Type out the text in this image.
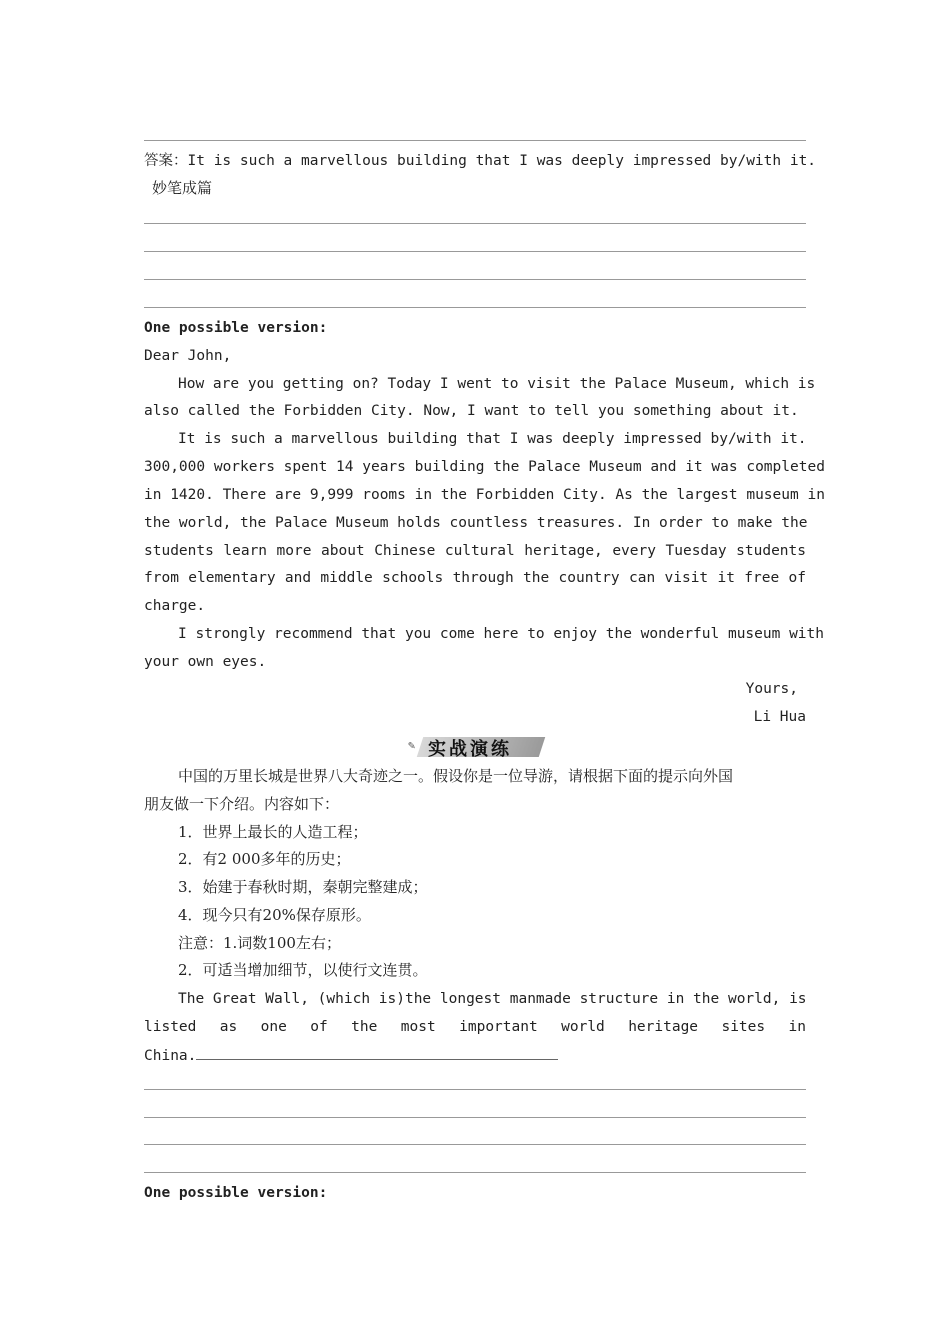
答案：It is such a marvellous building that I was deeply impressed by/with it.
妙笔成篇
One possible version:
Dear John,
How are you getting on? Today I went to visit the Palace Museum, which is
also called the Forbidden City. Now, I want to tell you something about it.
It is such a marvellous building that I was deeply impressed by/with it.
300,000 workers spent 14 years building the Palace Museum and it was completed
in 1420. There are 9,999 rooms in the Forbidden City. As the largest museum in
the world, the Palace Museum holds countless treasures. In order to make the
students learn more about Chinese cultural heritage, every Tuesday students
from elementary and middle schools through the country can visit it free of
charge.
I strongly recommend that you come here to enjoy the wonderful museum with
your own eyes.
Yours,
Li Hua
✎ 实战演练
中国的万里长城是世界八大奇迹之一。假设你是一位导游，请根据下面的提示向外国
朋友做一下介绍。内容如下：
1．世界上最长的人造工程；
2．有2 000多年的历史；
3．始建于春秋时期，秦朝完整建成；
4．现今只有20%保存原形。
注意：1.词数100左右；
2．可适当增加细节，以使行文连贯。
The Great Wall, (which is)the longest manmade structure in the world, is
listed as one of the most important world heritage sites in
China.
One possible version:
